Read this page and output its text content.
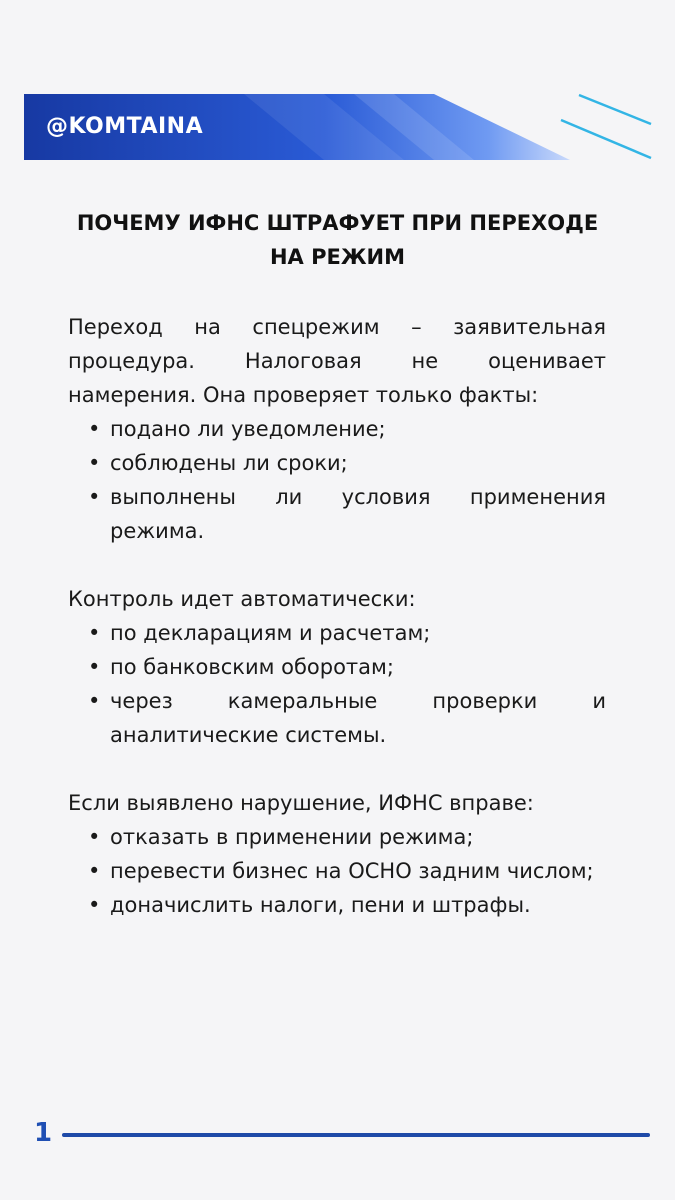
@KOMTAINA
ПОЧЕМУ ИФНС ШТРАФУЕТ ПРИ ПЕРЕХОДЕ
НА РЕЖИМ

Переход на спецрежим – заявительная процедура. Налоговая не оценивает намерения. Она проверяет только факты:

• подано ли уведомление;
• соблюдены ли сроки;
• выполнены ли условия применения режима.

Контроль идет автоматически:

• по декларациям и расчетам;
• по банковским оборотам;
• через камеральные проверки и аналитические системы.

Если выявлено нарушение, ИФНС вправе:

• отказать в применении режима;
• перевести бизнес на ОСНО задним числом;
• доначислить налоги, пени и штрафы.
1
